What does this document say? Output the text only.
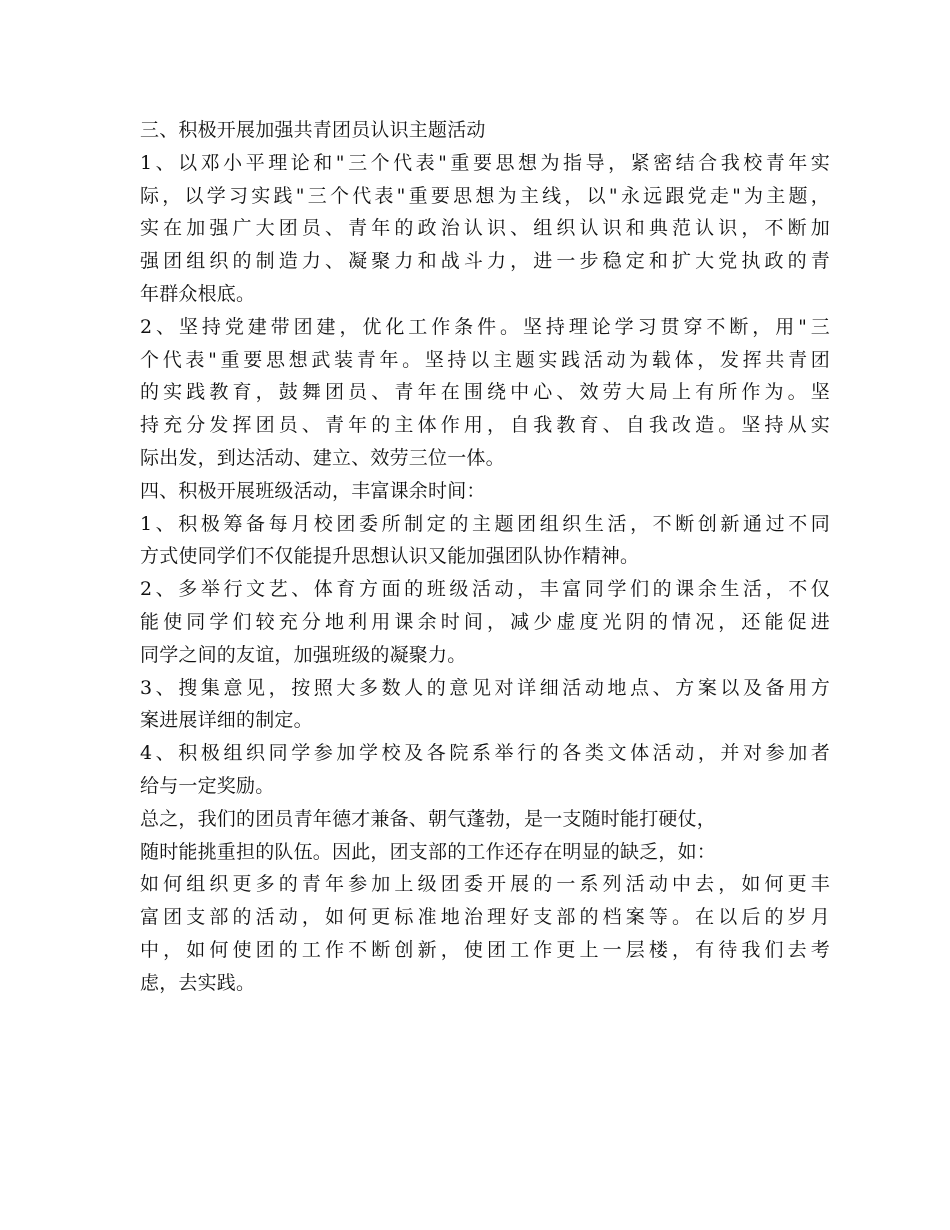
三、积极开展加强共青团员认识主题活动
1、以邓小平理论和"三个代表"重要思想为指导，紧密结合我校青年实
际，以学习实践"三个代表"重要思想为主线，以"永远跟党走"为主题，
实在加强广大团员、青年的政治认识、组织认识和典范认识，不断加
强团组织的制造力、凝聚力和战斗力，进一步稳定和扩大党执政的青
年群众根底。
2、坚持党建带团建，优化工作条件。坚持理论学习贯穿不断，用"三
个代表"重要思想武装青年。坚持以主题实践活动为载体，发挥共青团
的实践教育，鼓舞团员、青年在围绕中心、效劳大局上有所作为。坚
持充分发挥团员、青年的主体作用，自我教育、自我改造。坚持从实
际出发，到达活动、建立、效劳三位一体。
四、积极开展班级活动，丰富课余时间：
1、积极筹备每月校团委所制定的主题团组织生活，不断创新通过不同
方式使同学们不仅能提升思想认识又能加强团队协作精神。
2、多举行文艺、体育方面的班级活动，丰富同学们的课余生活，不仅
能使同学们较充分地利用课余时间，减少虚度光阴的情况，还能促进
同学之间的友谊，加强班级的凝聚力。
3、搜集意见，按照大多数人的意见对详细活动地点、方案以及备用方
案进展详细的制定。
4、积极组织同学参加学校及各院系举行的各类文体活动，并对参加者
给与一定奖励。
总之，我们的团员青年德才兼备、朝气蓬勃，是一支随时能打硬仗，
随时能挑重担的队伍。因此，团支部的工作还存在明显的缺乏，如：
如何组织更多的青年参加上级团委开展的一系列活动中去，如何更丰
富团支部的活动，如何更标准地治理好支部的档案等。在以后的岁月
中，如何使团的工作不断创新，使团工作更上一层楼，有待我们去考
虑，去实践。
